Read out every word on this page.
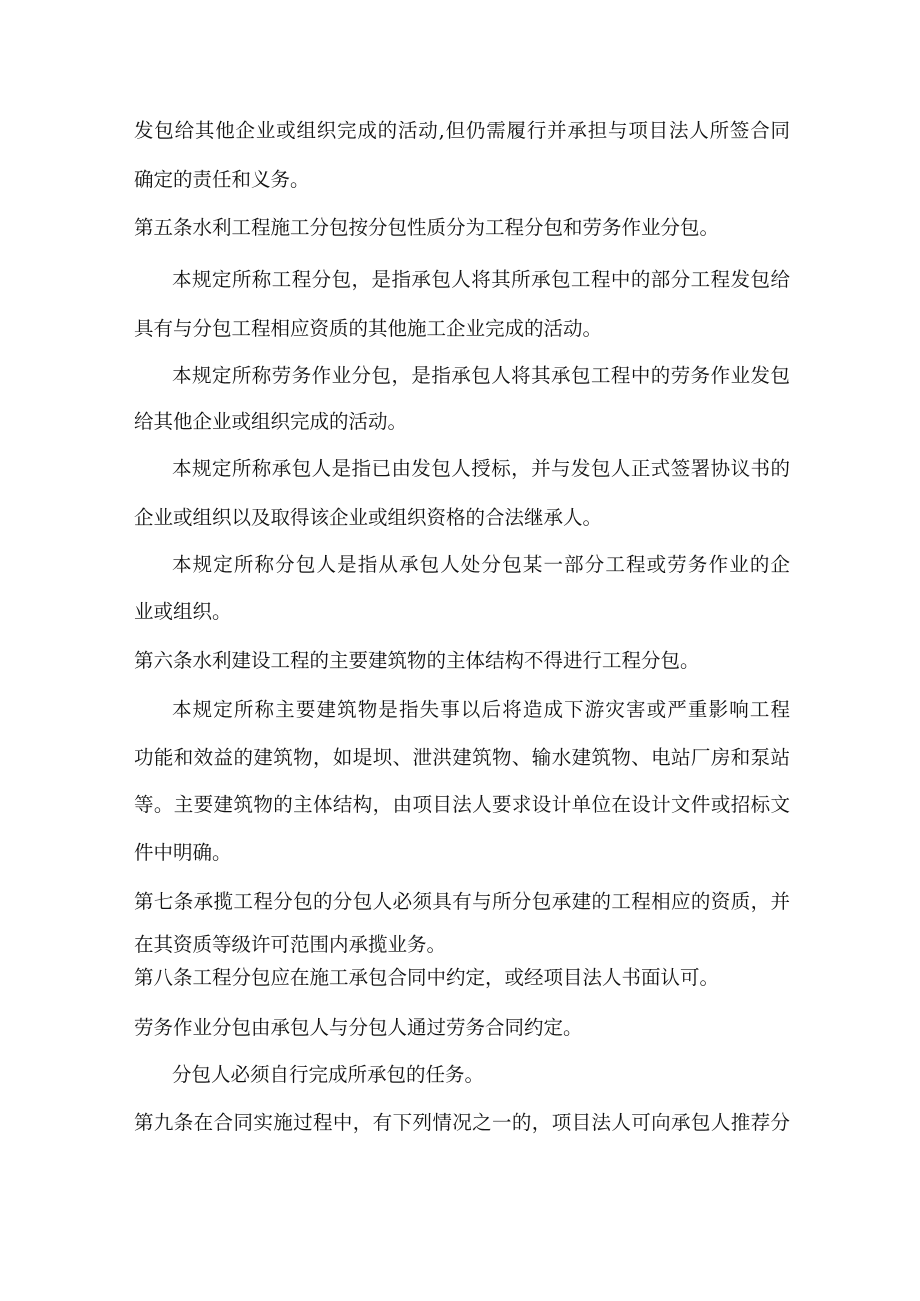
发包给其他企业或组织完成的活动,但仍需履行并承担与项目法人所签合同

确定的责任和义务。

第五条水利工程施工分包按分包性质分为工程分包和劳务作业分包。

本规定所称工程分包，是指承包人将其所承包工程中的部分工程发包给

具有与分包工程相应资质的其他施工企业完成的活动。

本规定所称劳务作业分包，是指承包人将其承包工程中的劳务作业发包

给其他企业或组织完成的活动。

本规定所称承包人是指已由发包人授标，并与发包人正式签署协议书的

企业或组织以及取得该企业或组织资格的合法继承人。

本规定所称分包人是指从承包人处分包某一部分工程或劳务作业的企

业或组织。

第六条水利建设工程的主要建筑物的主体结构不得进行工程分包。

本规定所称主要建筑物是指失事以后将造成下游灾害或严重影响工程

功能和效益的建筑物，如堤坝、泄洪建筑物、输水建筑物、电站厂房和泵站

等。主要建筑物的主体结构，由项目法人要求设计单位在设计文件或招标文

件中明确。

第七条承揽工程分包的分包人必须具有与所分包承建的工程相应的资质，并

在其资质等级许可范围内承揽业务。

第八条工程分包应在施工承包合同中约定，或经项目法人书面认可。

劳务作业分包由承包人与分包人通过劳务合同约定。

分包人必须自行完成所承包的任务。

第九条在合同实施过程中，有下列情况之一的，项目法人可向承包人推荐分
